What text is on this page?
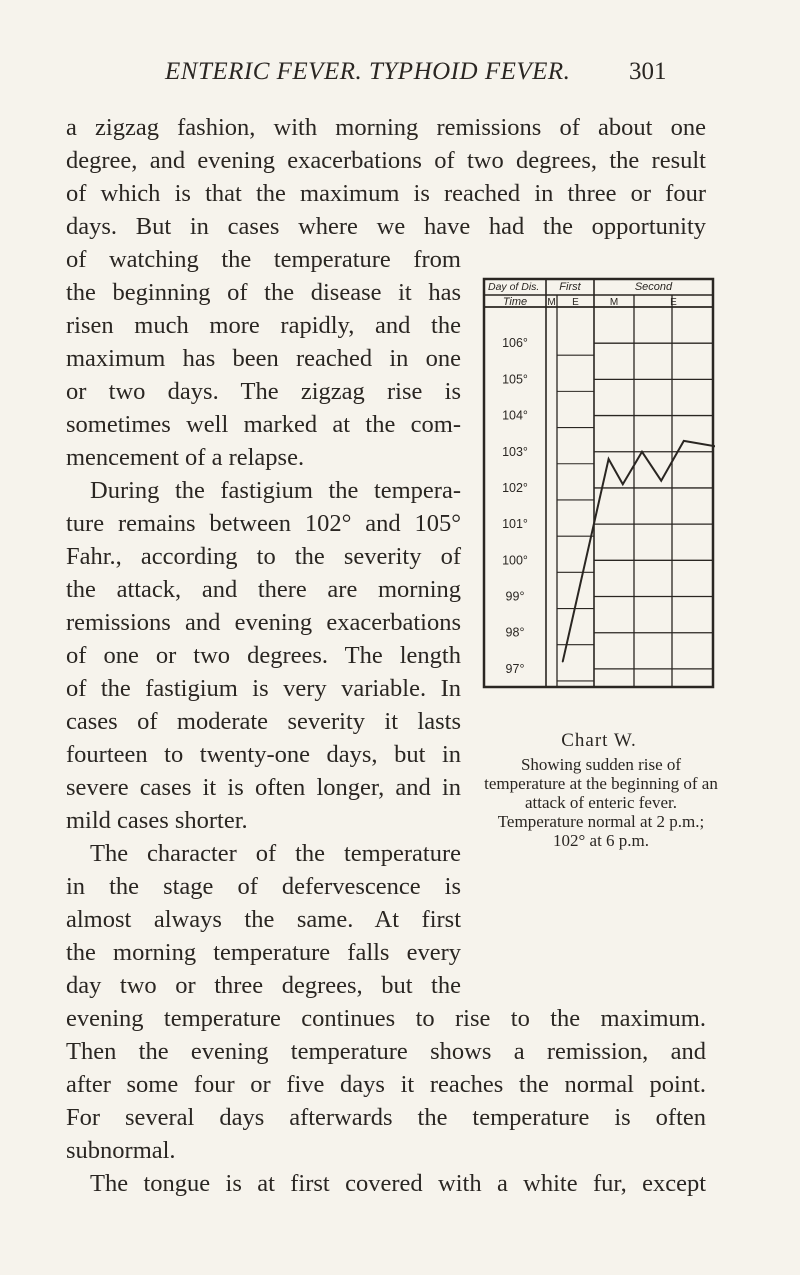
ENTERIC FEVER. TYPHOID FEVER. 301
a zigzag fashion, with morning remissions of about one
degree, and evening exacerbations of two degrees, the result
of which is that the maximum is reached in three or four
days. But in cases where we have had the opportunity
of watching the temperature from
the beginning of the disease it has
risen much more rapidly, and the
maximum has been reached in one
or two days. The zigzag rise is
sometimes well marked at the com-
mencement of a relapse.
During the fastigium the tempera-
ture remains between 102° and 105°
Fahr., according to the severity of
the attack, and there are morning
remissions and evening exacerbations
of one or two degrees. The length
of the fastigium is very variable. In
cases of moderate severity it lasts
fourteen to twenty-one days, but in
severe cases it is often longer, and in
mild cases shorter.
The character of the temperature
in the stage of defervescence is
almost always the same. At first
the morning temperature falls every
day two or three degrees, but the
evening temperature continues to rise to the maximum.
Then the evening temperature shows a remission, and
after some four or five days it reaches the normal point.
For several days afterwards the temperature is often
subnormal.
The tongue is at first covered with a white fur, except
Day of Dis. First	Second
Time M E	M	E
106°
105°
104°
103°
102°
101°
100°
99°
98°
97°
Chart W.
Showing sudden rise of temperature at the beginning of an attack of enteric fever. Temperature normal at 2 p.m.; 102° at 6 p.m.
